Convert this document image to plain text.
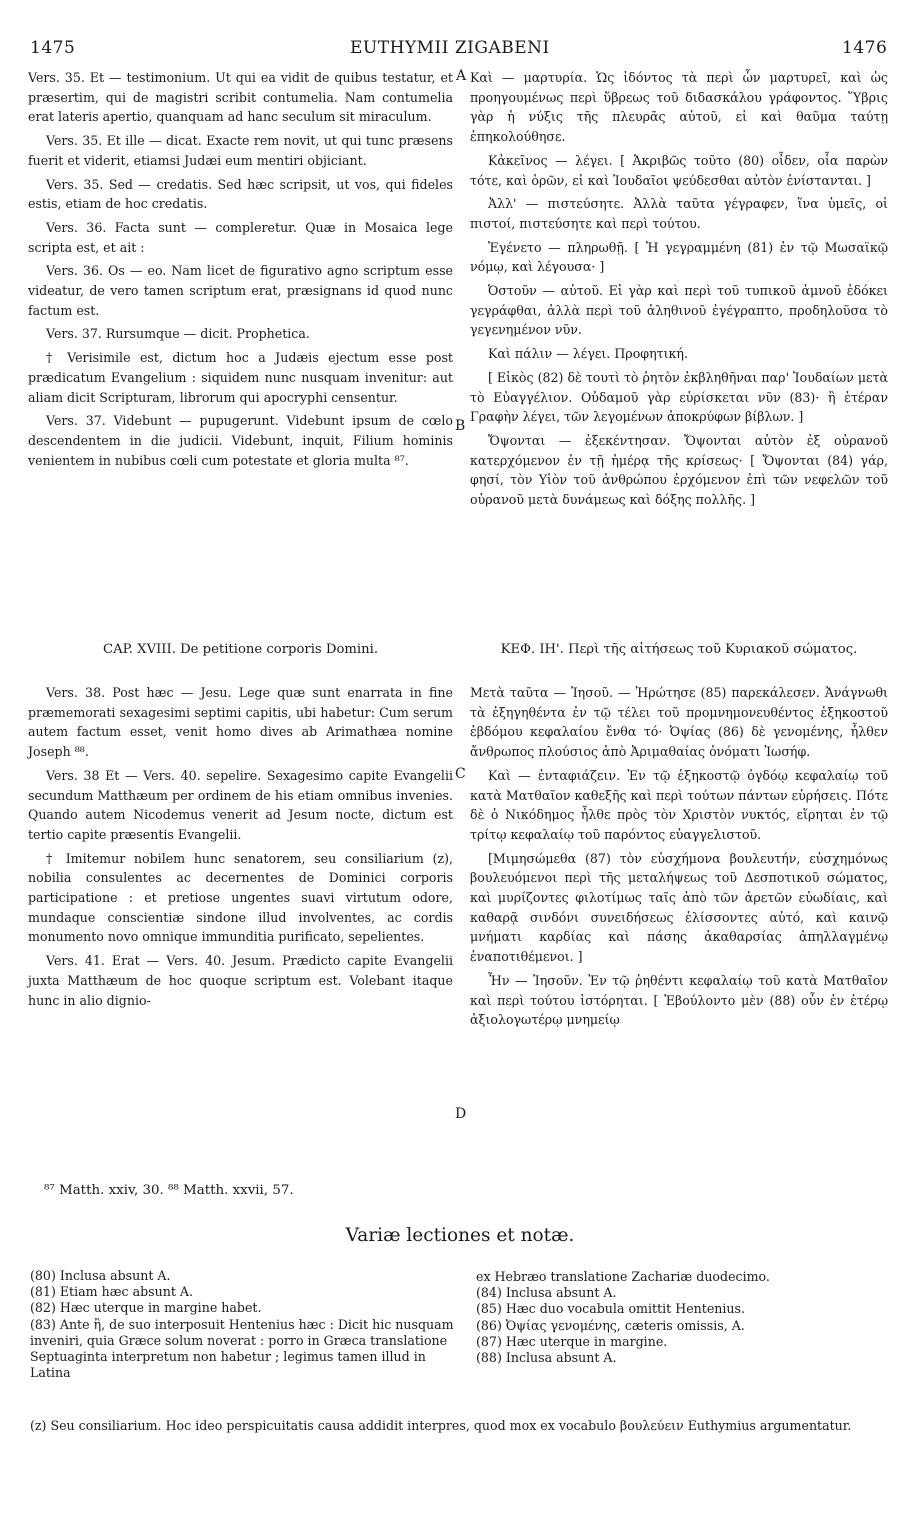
1475	EUTHYMII ZIGABENI	1476

Vers. 35. Et — testimonium. Ut qui ea vidit de quibus testatur, et præsertim, qui de magistri scribit contumelia. Nam contumelia erat lateris apertio, quanquam ad hanc seculum sit miraculum.

Vers. 35. Et ille — dicat. Exacte rem novit, ut qui tunc præsens fuerit et viderit, etiamsi Judæi eum mentiri objiciant.

Vers. 35. Sed — credatis. Sed hæc scripsit, ut vos, qui fideles estis, etiam de hoc credatis.

Vers. 36. Facta sunt — compleretur. Quæ in Mosaica lege scripta est, et ait :

Vers. 36. Os — eo. Nam licet de figurativo agno scriptum esse videatur, de vero tamen scriptum erat, præsignans id quod nunc factum est.

Vers. 37. Rursumque — dicit. Prophetica.

† Verisimile est, dictum hoc a Judæis ejectum esse post prædicatum Evangelium : siquidem nunc nusquam invenitur: aut aliam dicit Scripturam, librorum qui apocryphi censentur.

Vers. 37. Videbunt — pupugerunt. Videbunt ipsum de cœlo descendentem in die judicii. Videbunt, inquit, Filium hominis venientem in nubibus cœli cum potestate et gloria multa ⁸⁷.

CAP. XVIII. De petitione corporis Domini.

Vers. 38. Post hæc — Jesu. Lege quæ sunt enarrata in fine præmemorati sexagesimi septimi capitis, ubi habetur: Cum serum autem factum esset, venit homo dives ab Arimathæa nomine Joseph ⁸⁸.

Vers. 38 Et — Vers. 40. sepelire. Sexagesimo capite Evangelii secundum Matthæum per ordinem de his etiam omnibus invenies. Quando autem Nicodemus venerit ad Jesum nocte, dictum est tertio capite præsentis Evangelii.

† Imitemur nobilem hunc senatorem, seu consiliarium (z), nobilia consulentes ac decernentes de Dominici corporis participatione : et pretiose ungentes suavi virtutum odore, mundaque conscientiæ sindone illud involventes, ac cordis monumento novo omnique immunditia purificato, sepelientes.

Vers. 41. Erat — Vers. 40. Jesum. Prædicto capite Evangelii juxta Matthæum de hoc quoque scriptum est. Volebant itaque hunc in alio dignio-

Καὶ — μαρτυρία. Ὡς ἰδόντος τὰ περὶ ὧν μαρτυρεῖ, καὶ ὡς προηγουμένως περὶ ὕβρεως τοῦ διδασκάλου γράφοντος. Ὕβρις γὰρ ἡ νύξις τῆς πλευρᾶς αὐτοῦ, εἰ καὶ θαῦμα ταύτῃ ἐπηκολούθησε.

Κἀκεῖνος — λέγει. [ Ἀκριβῶς τοῦτο (80) οἶδεν, οἷα παρὼν τότε, καὶ ὁρῶν, εἰ καὶ Ἰουδαῖοι ψεύδεσθαι αὐτὸν ἐνίστανται. ]

Ἀλλ' — πιστεύσητε. Ἀλλὰ ταῦτα γέγραφεν, ἵνα ὑμεῖς, οἱ πιστοί, πιστεύσητε καὶ περὶ τούτου.

Ἐγένετο — πληρωθῇ. [ Ἡ γεγραμμένη (81) ἐν τῷ Μωσαϊκῷ νόμῳ, καὶ λέγουσα· ]

Ὀστοῦν — αὐτοῦ. Εἰ γὰρ καὶ περὶ τοῦ τυπικοῦ ἀμνοῦ ἐδόκει γεγράφθαι, ἀλλὰ περὶ τοῦ ἀληθινοῦ ἐγέγραπτο, προδηλοῦσα τὸ γεγενημένον νῦν.

Καὶ πάλιν — λέγει. Προφητική.

[ Εἰκὸς (82) δὲ τουτὶ τὸ ῥητὸν ἐκβληθῆναι παρ' Ἰουδαίων μετὰ τὸ Εὐαγγέλιον. Οὐδαμοῦ γὰρ εὑρίσκεται νῦν (83)· ἢ ἑτέραν Γραφὴν λέγει, τῶν λεγομένων ἀποκρύφων βίβλων. ]

Ὄψονται — ἐξεκέντησαν. Ὄψονται αὐτὸν ἐξ οὐρανοῦ κατερχόμενον ἐν τῇ ἡμέρᾳ τῆς κρίσεως· [ Ὄψονται (84) γάρ, φησί, τὸν Υἱὸν τοῦ ἀνθρώπου ἐρχόμενον ἐπὶ τῶν νεφελῶν τοῦ οὐρανοῦ μετὰ δυνάμεως καὶ δόξης πολλῆς. ]

ΚΕΦ. ΙΗ'. Περὶ τῆς αἰτήσεως τοῦ Κυριακοῦ σώματος.

Μετὰ ταῦτα — Ἰησοῦ. — Ἠρώτησε (85) παρεκάλεσεν. Ἀνάγνωθι τὰ ἐξηγηθέντα ἐν τῷ τέλει τοῦ προμνημονευθέντος ἑξηκοστοῦ ἑβδόμου κεφαλαίου ἔνθα τό· Ὀψίας (86) δὲ γενομένης, ἦλθεν ἄνθρωπος πλούσιος ἀπὸ Ἀριμαθαίας ὀνόματι Ἰωσήφ.

Καὶ — ἐνταφιάζειν. Ἐν τῷ ἑξηκοστῷ ὀγδόῳ κεφαλαίῳ τοῦ κατὰ Ματθαῖον καθεξῆς καὶ περὶ τούτων πάντων εὑρήσεις. Πότε δὲ ὁ Νικόδημος ἦλθε πρὸς τὸν Χριστὸν νυκτός, εἴρηται ἐν τῷ τρίτῳ κεφαλαίῳ τοῦ παρόντος εὐαγγελιστοῦ.

[Μιμησώμεθα (87) τὸν εὐσχήμονα βουλευτήν, εὐσχημόνως βουλευόμενοι περὶ τῆς μεταλήψεως τοῦ Δεσποτικοῦ σώματος, καὶ μυρίζοντες φιλοτίμως ταῖς ἀπὸ τῶν ἀρετῶν εὐωδίαις, καὶ καθαρᾷ σινδόνι συνειδήσεως ἑλίσσοντες αὐτό, καὶ καινῷ μνήματι καρδίας καὶ πάσης ἀκαθαρσίας ἀπηλλαγμένῳ ἐναποτιθέμενοι. ]

Ἦν — Ἰησοῦν. Ἐν τῷ ῥηθέντι κεφαλαίῳ τοῦ κατὰ Ματθαῖον καὶ περὶ τούτου ἱστόρηται. [ Ἐβούλοντο μὲν (88) οὖν ἐν ἑτέρῳ ἀξιολογωτέρῳ μνημείῳ

A
B
C
D
⁸⁷ Matth. xxiv, 30. ⁸⁸ Matth. xxvii, 57.
Variæ lectiones et notæ.

(80) Inclusa absunt A.

(81) Etiam hæc absunt A.

(82) Hæc uterque in margine habet.

(83) Ante ἢ, de suo interposuit Hentenius hæc : Dicit hic nusquam inveniri, quia Græce solum noverat : porro in Græca translatione Septuaginta interpretum non habetur ; legimus tamen illud in Latina

ex Hebræo translatione Zachariæ duodecimo.

(84) Inclusa absunt A.

(85) Hæc duo vocabula omittit Hentenius.

(86) Ὀψίας γενομένης, cæteris omissis, A.

(87) Hæc uterque in margine.

(88) Inclusa absunt A.

(z) Seu consiliarium. Hoc ideo perspicuitatis causa addidit interpres, quod mox ex vocabulo βουλεύειν Euthymius argumentatur.
